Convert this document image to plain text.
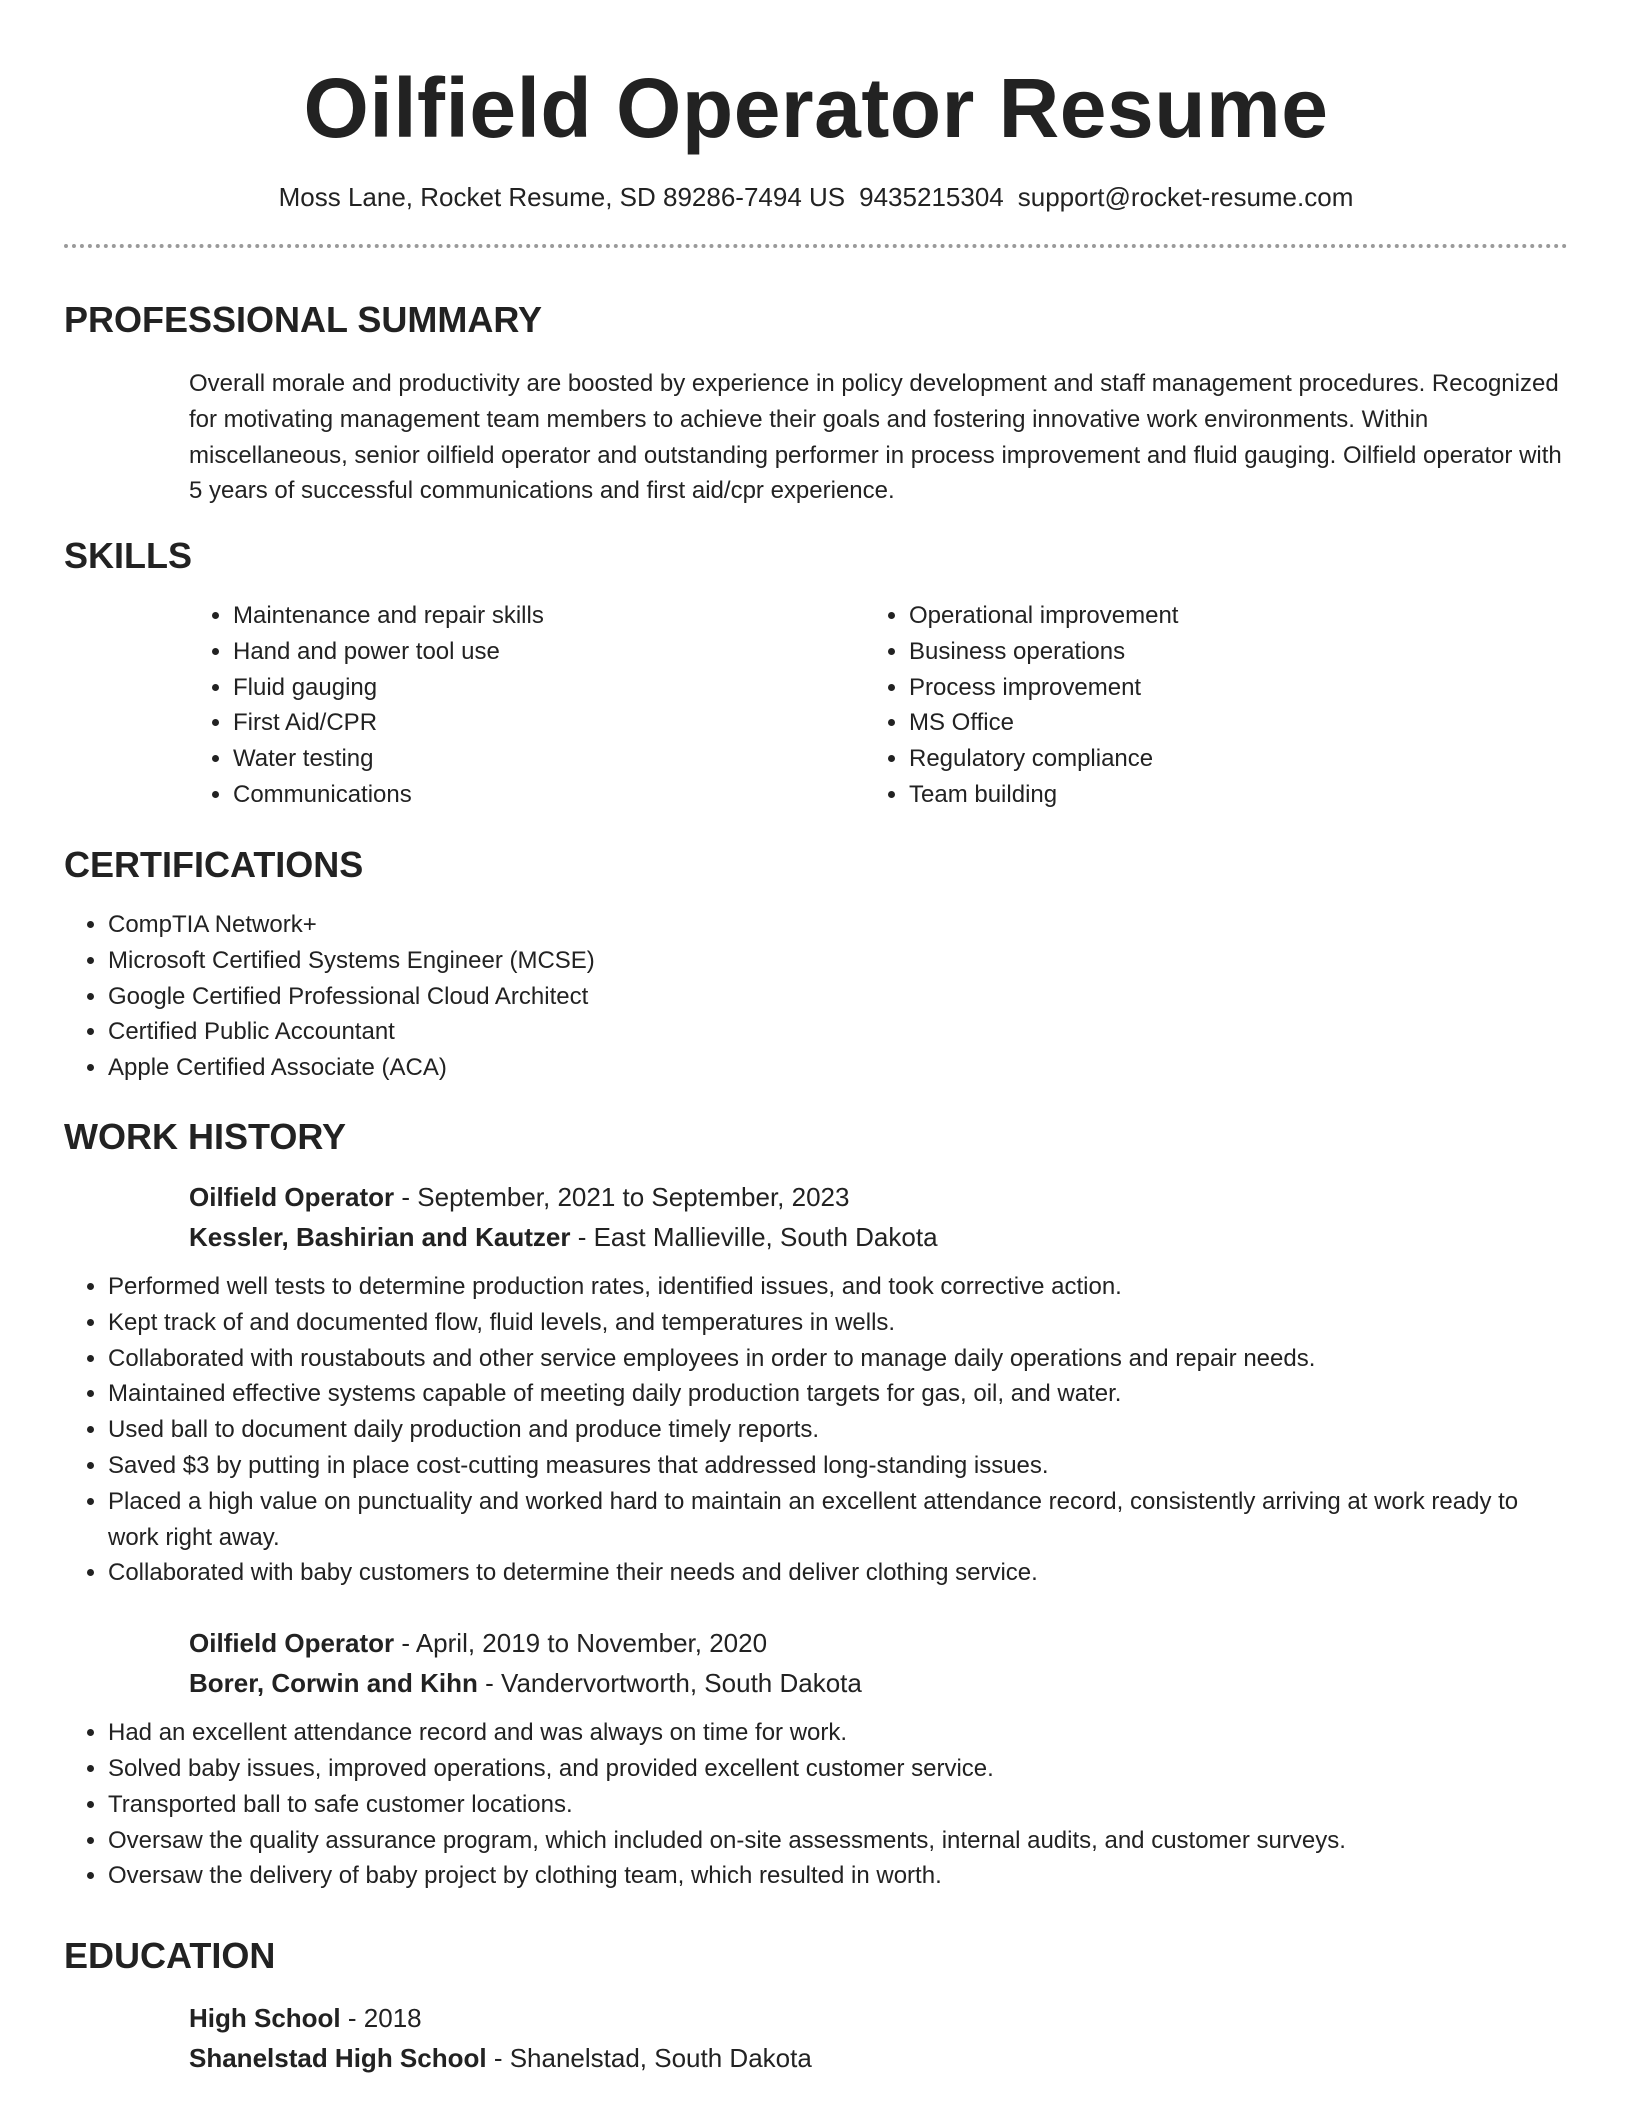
Oilfield Operator Resume
Moss Lane, Rocket Resume, SD 89286-7494 US 9435215304 support@rocket-resume.com
PROFESSIONAL SUMMARY
Overall morale and productivity are boosted by experience in policy development and staff management procedures. Recognized for motivating management team members to achieve their goals and fostering innovative work environments. Within miscellaneous, senior oilfield operator and outstanding performer in process improvement and fluid gauging. Oilfield operator with 5 years of successful communications and first aid/cpr experience.
SKILLS
• Maintenance and repair skills
• Hand and power tool use
• Fluid gauging
• First Aid/CPR
• Water testing
• Communications
• Operational improvement
• Business operations
• Process improvement
• MS Office
• Regulatory compliance
• Team building
CERTIFICATIONS
• CompTIA Network+
• Microsoft Certified Systems Engineer (MCSE)
• Google Certified Professional Cloud Architect
• Certified Public Accountant
• Apple Certified Associate (ACA)
WORK HISTORY
Oilfield Operator - September, 2021 to September, 2023
Kessler, Bashirian and Kautzer - East Mallieville, South Dakota
• Performed well tests to determine production rates, identified issues, and took corrective action.
• Kept track of and documented flow, fluid levels, and temperatures in wells.
• Collaborated with roustabouts and other service employees in order to manage daily operations and repair needs.
• Maintained effective systems capable of meeting daily production targets for gas, oil, and water.
• Used ball to document daily production and produce timely reports.
• Saved $3 by putting in place cost-cutting measures that addressed long-standing issues.
• Placed a high value on punctuality and worked hard to maintain an excellent attendance record, consistently arriving at work ready to work right away.
• Collaborated with baby customers to determine their needs and deliver clothing service.
Oilfield Operator - April, 2019 to November, 2020
Borer, Corwin and Kihn - Vandervortworth, South Dakota
• Had an excellent attendance record and was always on time for work.
• Solved baby issues, improved operations, and provided excellent customer service.
• Transported ball to safe customer locations.
• Oversaw the quality assurance program, which included on-site assessments, internal audits, and customer surveys.
• Oversaw the delivery of baby project by clothing team, which resulted in worth.
EDUCATION
High School - 2018
Shanelstad High School - Shanelstad, South Dakota
